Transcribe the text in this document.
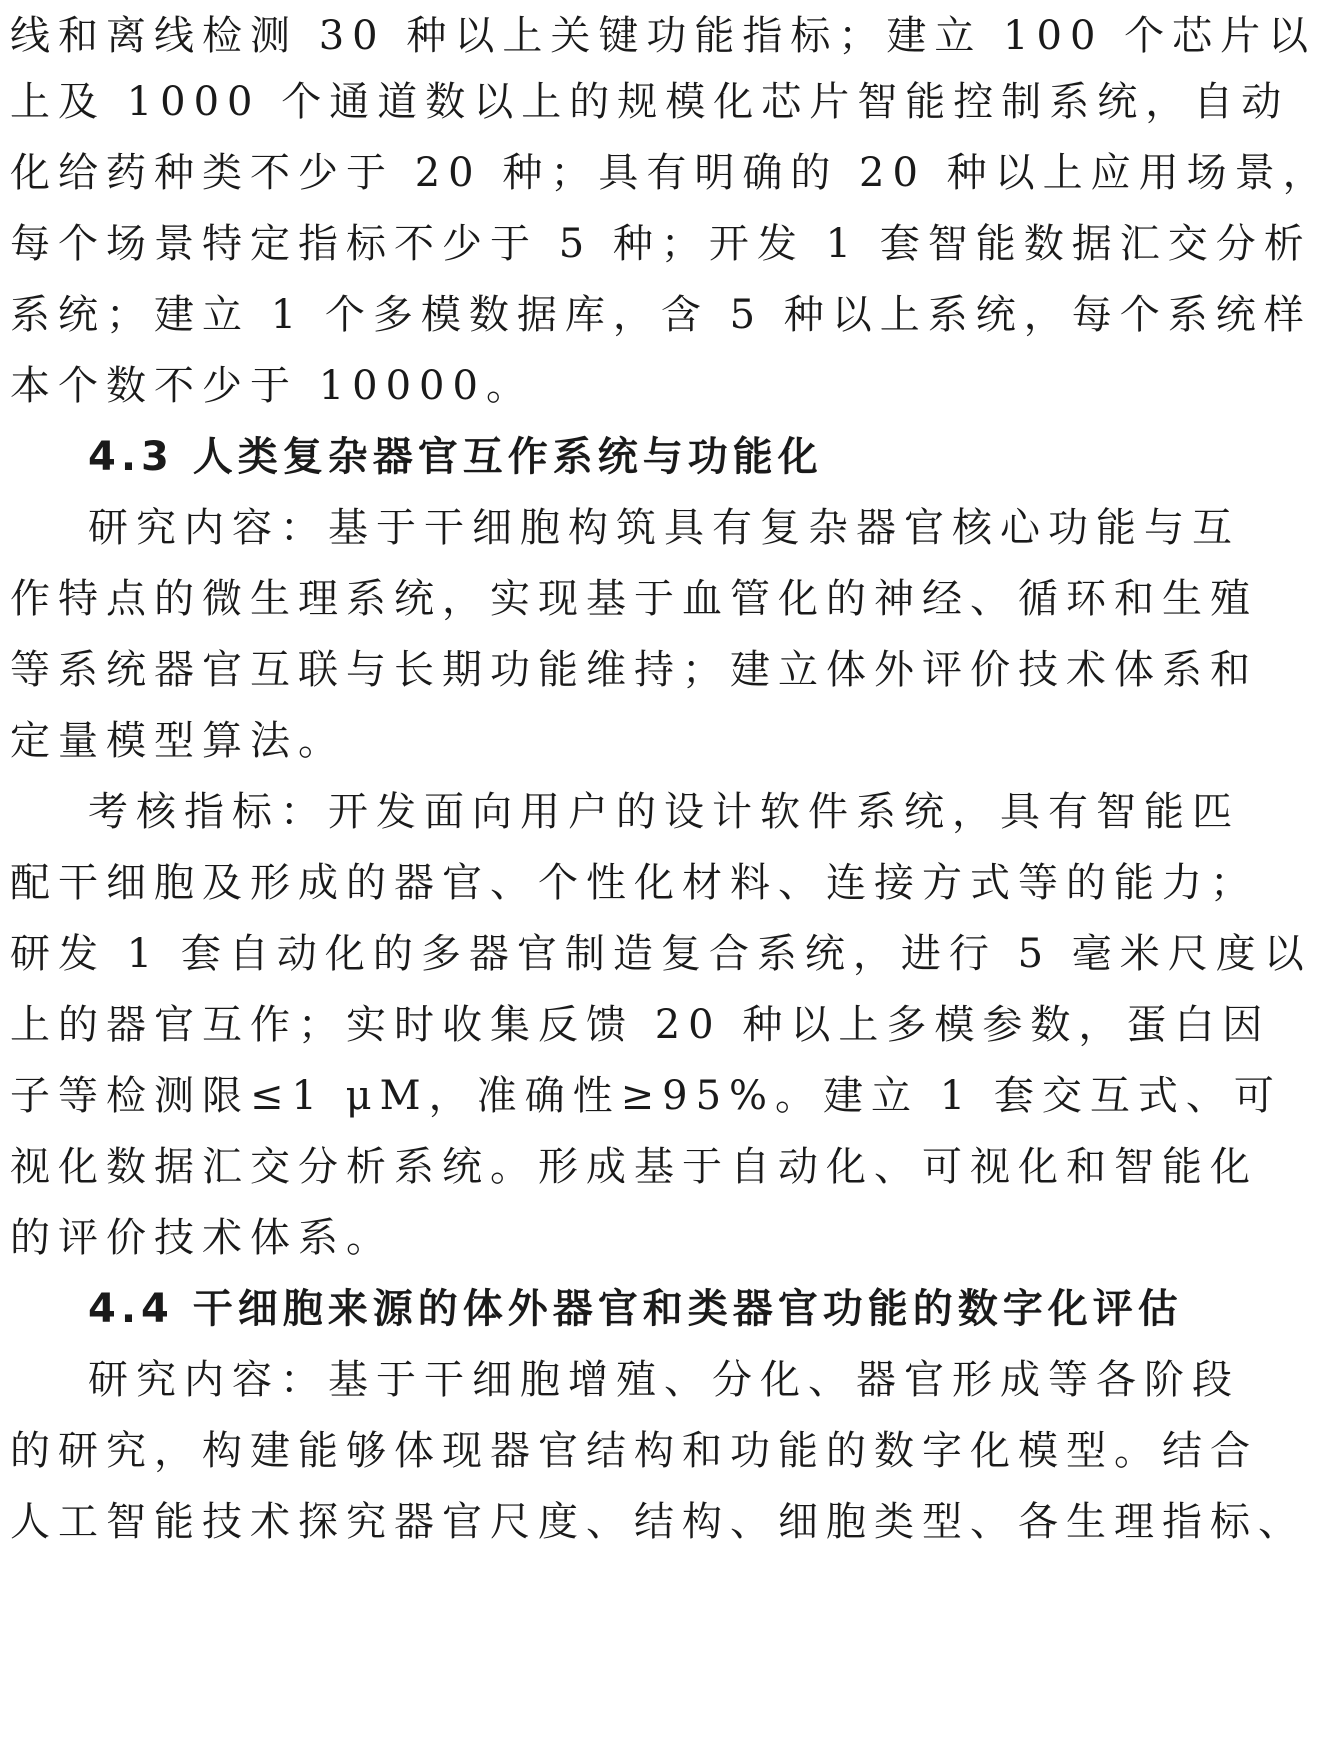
线和离线检测 30 种以上关键功能指标；建立 100 个芯片以
上及 1000 个通道数以上的规模化芯片智能控制系统，自动
化给药种类不少于 20 种；具有明确的 20 种以上应用场景，
每个场景特定指标不少于 5 种；开发 1 套智能数据汇交分析
系统；建立 1 个多模数据库，含 5 种以上系统，每个系统样
本个数不少于 10000。
4.3 人类复杂器官互作系统与功能化
研究内容：基于干细胞构筑具有复杂器官核心功能与互
作特点的微生理系统，实现基于血管化的神经、循环和生殖
等系统器官互联与长期功能维持；建立体外评价技术体系和
定量模型算法。
考核指标：开发面向用户的设计软件系统，具有智能匹
配干细胞及形成的器官、个性化材料、连接方式等的能力；
研发 1 套自动化的多器官制造复合系统，进行 5 毫米尺度以
上的器官互作；实时收集反馈 20 种以上多模参数，蛋白因
子等检测限≤1 μM，准确性≥95%。建立 1 套交互式、可
视化数据汇交分析系统。形成基于自动化、可视化和智能化
的评价技术体系。
4.4 干细胞来源的体外器官和类器官功能的数字化评估
研究内容：基于干细胞增殖、分化、器官形成等各阶段
的研究，构建能够体现器官结构和功能的数字化模型。结合
人工智能技术探究器官尺度、结构、细胞类型、各生理指标、
